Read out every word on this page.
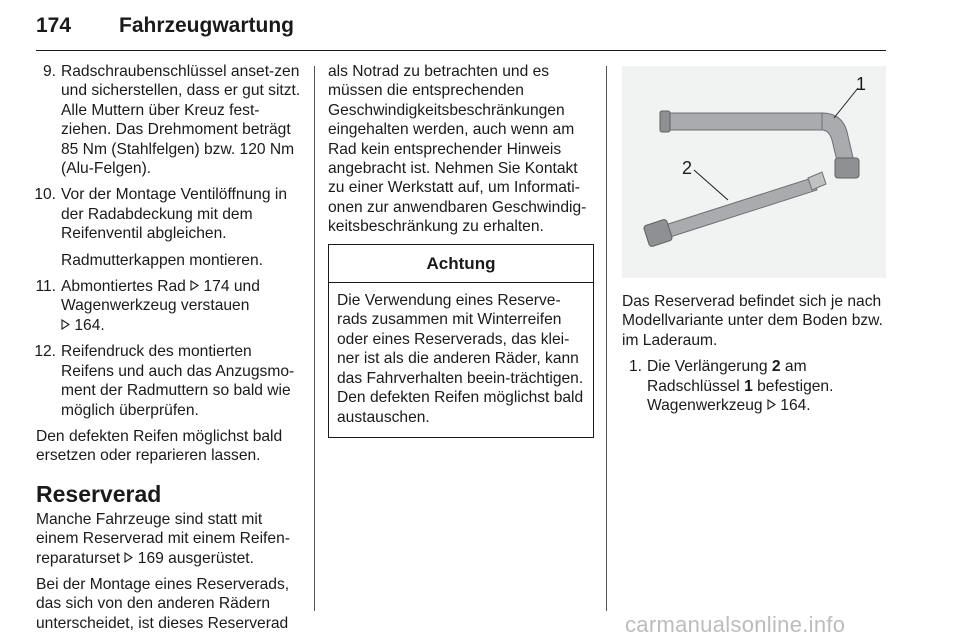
174 Fahrzeugwartung
9. Radschraubenschlüssel anset-zen und sicherstellen, dass er gut sitzt. Alle Muttern über Kreuz fest-ziehen. Das Drehmoment beträgt 85 Nm (Stahlfelgen) bzw. 120 Nm (Alu-Felgen).
10. Vor der Montage Ventilöffnung in der Radabdeckung mit dem Reifenventil abgleichen.
Radmutterkappen montieren.
11. Abmontiertes Rad 174 und Wagenwerkzeug verstauen
164.
12. Reifendruck des montierten Reifens und auch das Anzugsmo-ment der Radmuttern so bald wie möglich überprüfen.

Den defekten Reifen möglichst bald ersetzen oder reparieren lassen.

Reserverad

Manche Fahrzeuge sind statt mit einem Reserverad mit einem Reifen-reparaturset 169 ausgerüstet.

Bei der Montage eines Reserverads, das sich von den anderen Rädern unterscheidet, ist dieses Reserverad

als Notrad zu betrachten und es müssen die entsprechenden Geschwindigkeitsbeschränkungen eingehalten werden, auch wenn am Rad kein entsprechender Hinweis angebracht ist. Nehmen Sie Kontakt zu einer Werkstatt auf, um Informati-onen zur anwendbaren Geschwindig-keitsbeschränkung zu erhalten.

Achtung
Die Verwendung eines Reserve-rads zusammen mit Winterreifen oder eines Reserverads, das klei-ner ist als die anderen Räder, kann das Fahrverhalten beein-trächtigen. Den defekten Reifen möglichst bald austauschen.
1
2

Das Reserverad befindet sich je nach Modellvariante unter dem Boden bzw. im Laderaum.

1. Die Verlängerung 2 am Radschlüssel 1 befestigen. Wagenwerkzeug 164.
carmanualsonline.info
